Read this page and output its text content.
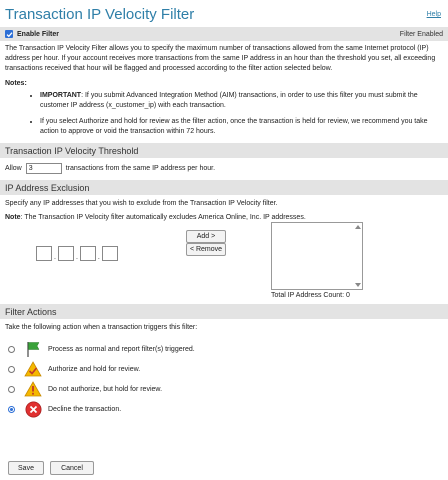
Transaction IP Velocity Filter	Help
Enable Filter	Filter Enabled
The Transaction IP Velocity Filter allows you to specify the maximum number of transactions allowed from the same Internet protocol (IP) address per hour. If your account receives more transactions from the same IP address in an hour than the threshold you set, all exceeding transactions received that hour will be flagged and processed according to the filter action selected below.
Notes:
• IMPORTANT: If you submit Advanced Integration Method (AIM) transactions, in order to use this filter you must submit the customer IP address (x_customer_ip) with each transaction.
• If you select Authorize and hold for review as the filter action, once the transaction is held for review, we recommend you take action to approve or void the transaction within 72 hours.
Transaction IP Velocity Threshold
Allow	3	transactions from the same IP address per hour.
IP Address Exclusion
Specify any IP addresses that you wish to exclude from the Transaction IP Velocity filter.
Note: The Transaction IP Velocity filter automatically excludes America Online, Inc. IP addresses.
.	.	.
Add >
< Remove
Total IP Address Count: 0
Filter Actions
Take the following action when a transaction triggers this filter:
Process as normal and report filter(s) triggered.
Authorize and hold for review.
Do not authorize, but hold for review.
Decline the transaction.
Save	Cancel
